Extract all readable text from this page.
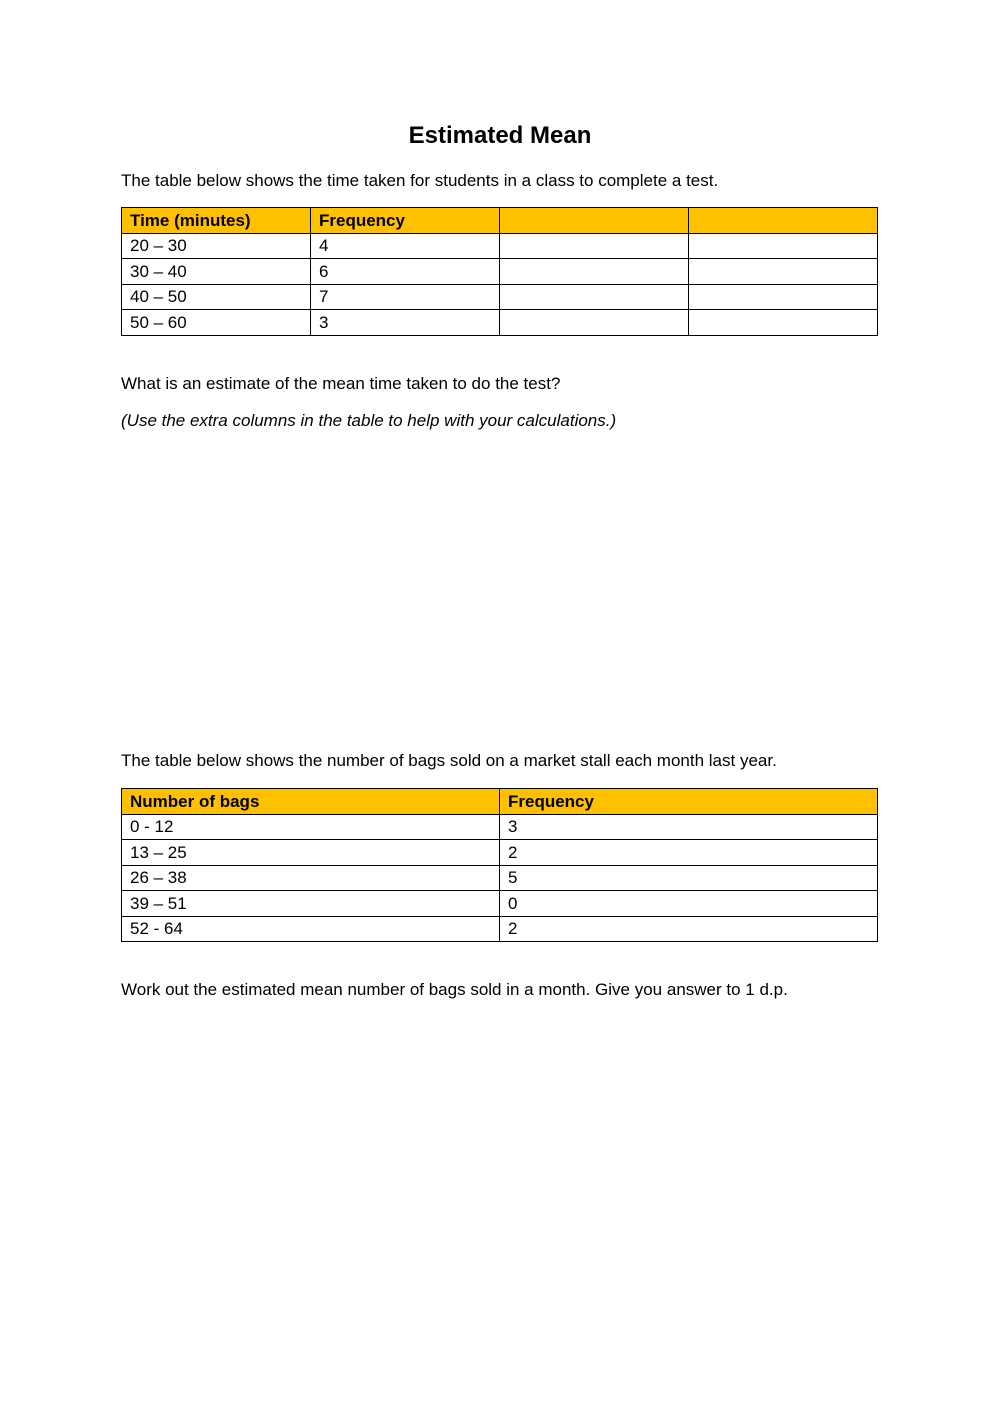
Estimated Mean

The table below shows the time taken for students in a class to complete a test.

Time (minutes)	Frequency		
20 – 30	4		
30 – 40	6		
40 – 50	7		
50 – 60	3		

What is an estimate of the mean time taken to do the test?

(Use the extra columns in the table to help with your calculations.)

The table below shows the number of bags sold on a market stall each month last year.

Number of bags	Frequency
0 - 12	3
13 – 25	2
26 – 38	5
39 – 51	0
52 - 64	2

Work out the estimated mean number of bags sold in a month. Give you answer to 1 d.p.
